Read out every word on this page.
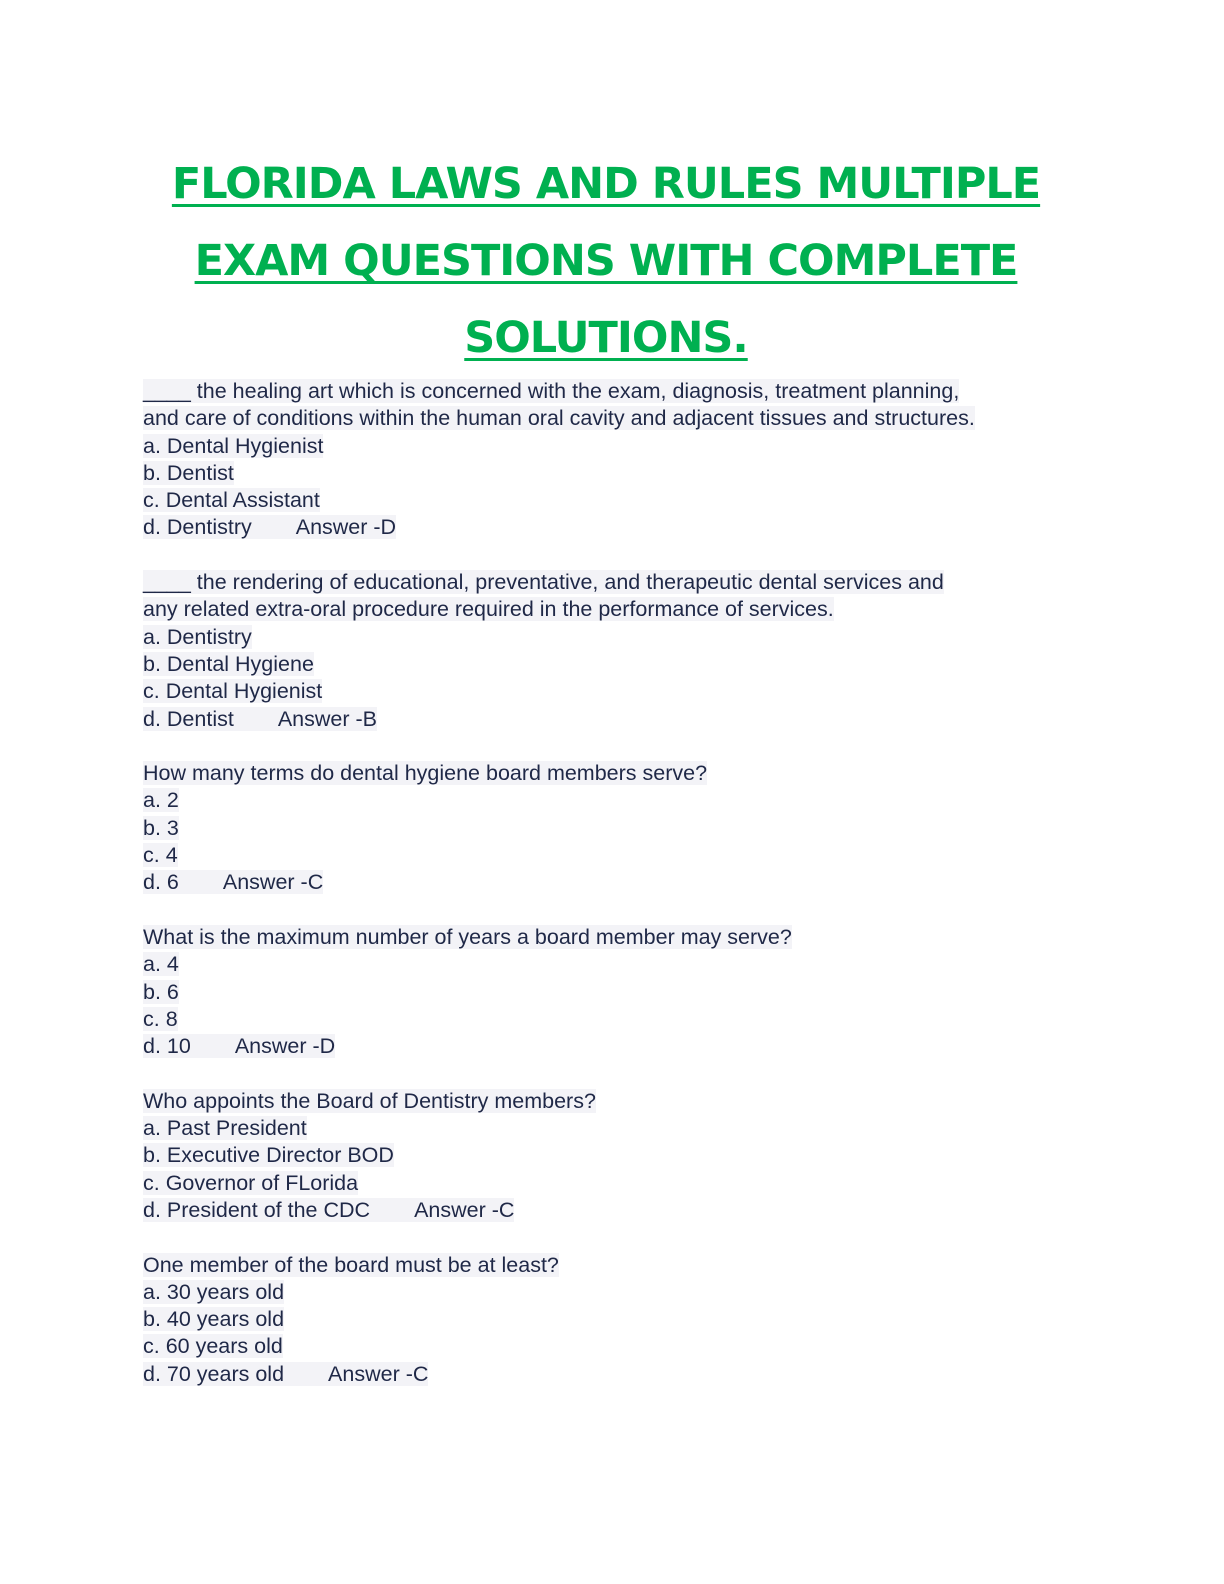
FLORIDA LAWS AND RULES MULTIPLE EXAM QUESTIONS WITH COMPLETE SOLUTIONS.
____ the healing art which is concerned with the exam, diagnosis, treatment planning,
and care of conditions within the human oral cavity and adjacent tissues and structures.
a. Dental Hygienist
b. Dentist
c. Dental Assistant
d. Dentistry Answer -D
____ the rendering of educational, preventative, and therapeutic dental services and
any related extra-oral procedure required in the performance of services.
a. Dentistry
b. Dental Hygiene
c. Dental Hygienist
d. Dentist Answer -B
How many terms do dental hygiene board members serve?
a. 2
b. 3
c. 4
d. 6 Answer -C
What is the maximum number of years a board member may serve?
a. 4
b. 6
c. 8
d. 10 Answer -D
Who appoints the Board of Dentistry members?
a. Past President
b. Executive Director BOD
c. Governor of FLorida
d. President of the CDC Answer -C
One member of the board must be at least?
a. 30 years old
b. 40 years old
c. 60 years old
d. 70 years old Answer -C
